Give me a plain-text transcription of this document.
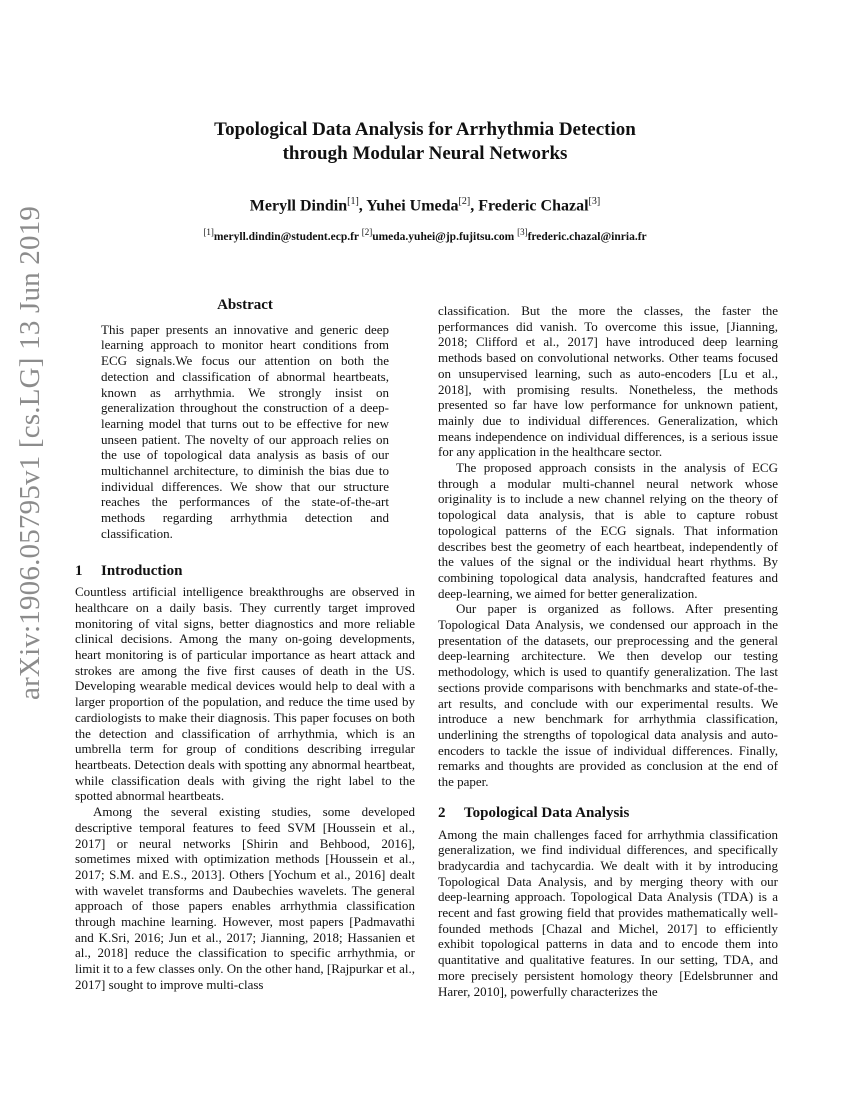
arXiv:1906.05795v1 [cs.LG] 13 Jun 2019
Topological Data Analysis for Arrhythmia Detection
through Modular Neural Networks
Meryll Dindin[1], Yuhei Umeda[2], Frederic Chazal[3]
[1]meryll.dindin@student.ecp.fr [2]umeda.yuhei@jp.fujitsu.com [3]frederic.chazal@inria.fr
Abstract

This paper presents an innovative and generic deep learning approach to monitor heart conditions from ECG signals.We focus our attention on both the detection and classification of abnormal heartbeats, known as arrhythmia. We strongly insist on generalization throughout the construction of a deep-learning model that turns out to be effective for new unseen patient. The novelty of our approach relies on the use of topological data analysis as basis of our multichannel architecture, to diminish the bias due to individual differences. We show that our structure reaches the performances of the state-of-the-art methods regarding arrhythmia detection and classification.

1 Introduction

Countless artificial intelligence breakthroughs are observed in healthcare on a daily basis. They currently target improved monitoring of vital signs, better diagnostics and more reliable clinical decisions. Among the many on-going developments, heart monitoring is of particular importance as heart attack and strokes are among the five first causes of death in the US. Developing wearable medical devices would help to deal with a larger proportion of the population, and reduce the time used by cardiologists to make their diagnosis. This paper focuses on both the detection and classification of arrhythmia, which is an umbrella term for group of conditions describing irregular heartbeats. Detection deals with spotting any abnormal heartbeat, while classification deals with giving the right label to the spotted abnormal heartbeats.

Among the several existing studies, some developed descriptive temporal features to feed SVM [Houssein et al., 2017] or neural networks [Shirin and Behbood, 2016], sometimes mixed with optimization methods [Houssein et al., 2017; S.M. and E.S., 2013]. Others [Yochum et al., 2016] dealt with wavelet transforms and Daubechies wavelets. The general approach of those papers enables arrhythmia classification through machine learning. However, most papers [Padmavathi and K.Sri, 2016; Jun et al., 2017; Jianning, 2018; Hassanien et al., 2018] reduce the classification to specific arrhythmia, or limit it to a few classes only. On the other hand, [Rajpurkar et al., 2017] sought to improve multi-class

classification. But the more the classes, the faster the performances did vanish. To overcome this issue, [Jianning, 2018; Clifford et al., 2017] have introduced deep learning methods based on convolutional networks. Other teams focused on unsupervised learning, such as auto-encoders [Lu et al., 2018], with promising results. Nonetheless, the methods presented so far have low performance for unknown patient, mainly due to individual differences. Generalization, which means independence on individual differences, is a serious issue for any application in the healthcare sector.

The proposed approach consists in the analysis of ECG through a modular multi-channel neural network whose originality is to include a new channel relying on the theory of topological data analysis, that is able to capture robust topological patterns of the ECG signals. That information describes best the geometry of each heartbeat, independently of the values of the signal or the individual heart rhythms. By combining topological data analysis, handcrafted features and deep-learning, we aimed for better generalization.

Our paper is organized as follows. After presenting Topological Data Analysis, we condensed our approach in the presentation of the datasets, our preprocessing and the general deep-learning architecture. We then develop our testing methodology, which is used to quantify generalization. The last sections provide comparisons with benchmarks and state-of-the-art results, and conclude with our experimental results. We introduce a new benchmark for arrhythmia classification, underlining the strengths of topological data analysis and auto-encoders to tackle the issue of individual differences. Finally, remarks and thoughts are provided as conclusion at the end of the paper.

2 Topological Data Analysis

Among the main challenges faced for arrhythmia classification generalization, we find individual differences, and specifically bradycardia and tachycardia. We dealt with it by introducing Topological Data Analysis, and by merging theory with our deep-learning approach. Topological Data Analysis (TDA) is a recent and fast growing field that provides mathematically well-founded methods [Chazal and Michel, 2017] to efficiently exhibit topological patterns in data and to encode them into quantitative and qualitative features. In our setting, TDA, and more precisely persistent homology theory [Edelsbrunner and Harer, 2010], powerfully characterizes the
